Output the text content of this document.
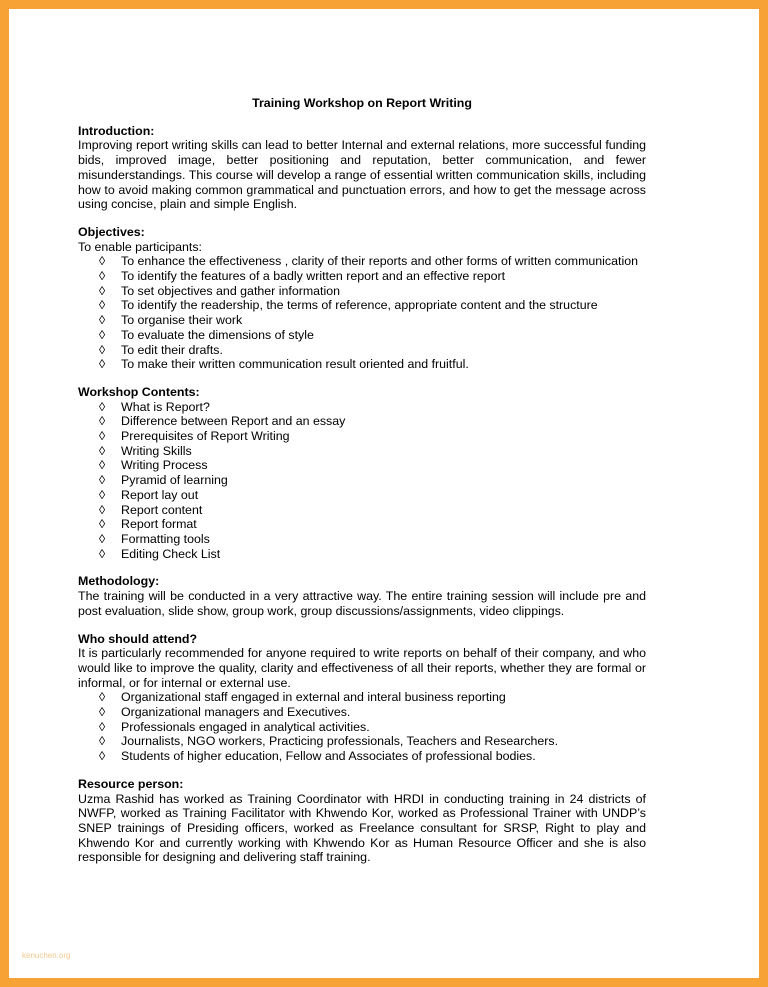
Training Workshop on Report Writing
Introduction:
Improving report writing skills can lead to better Internal and external relations, more successful funding bids, improved image, better positioning and reputation, better communication, and fewer misunderstandings. This course will develop a range of essential written communication skills, including how to avoid making common grammatical and punctuation errors, and how to get the message across using concise, plain and simple English.
Objectives:
To enable participants:
◊ To enhance the effectiveness , clarity of their reports and other forms of written communication
◊ To identify the features of a badly written report and an effective report
◊ To set objectives and gather information
◊ To identify the readership, the terms of reference, appropriate content and the structure
◊ To organise their work
◊ To evaluate the dimensions of style
◊ To edit their drafts.
◊ To make their written communication result oriented and fruitful.
Workshop Contents:
◊ What is Report?
◊ Difference between Report and an essay
◊ Prerequisites of Report Writing
◊ Writing Skills
◊ Writing Process
◊ Pyramid of learning
◊ Report lay out
◊ Report content
◊ Report format
◊ Formatting tools
◊ Editing Check List
Methodology:
The training will be conducted in a very attractive way. The entire training session will include pre and post evaluation, slide show, group work, group discussions/assignments, video clippings.
Who should attend?
It is particularly recommended for anyone required to write reports on behalf of their company, and who would like to improve the quality, clarity and effectiveness of all their reports, whether they are formal or informal, or for internal or external use.
◊ Organizational staff engaged in external and interal business reporting
◊ Organizational managers and Executives.
◊ Professionals engaged in analytical activities.
◊ Journalists, NGO workers, Practicing professionals, Teachers and Researchers.
◊ Students of higher education, Fellow and Associates of professional bodies.
Resource person:
Uzma Rashid has worked as Training Coordinator with HRDI in conducting training in 24 districts of NWFP, worked as Training Facilitator with Khwendo Kor, worked as Professional Trainer with UNDP’s SNEP trainings of Presiding officers, worked as Freelance consultant for SRSP, Right to play and Khwendo Kor and currently working with Khwendo Kor as Human Resource Officer and she is also responsible for designing and delivering staff training.
kenuchen.org
